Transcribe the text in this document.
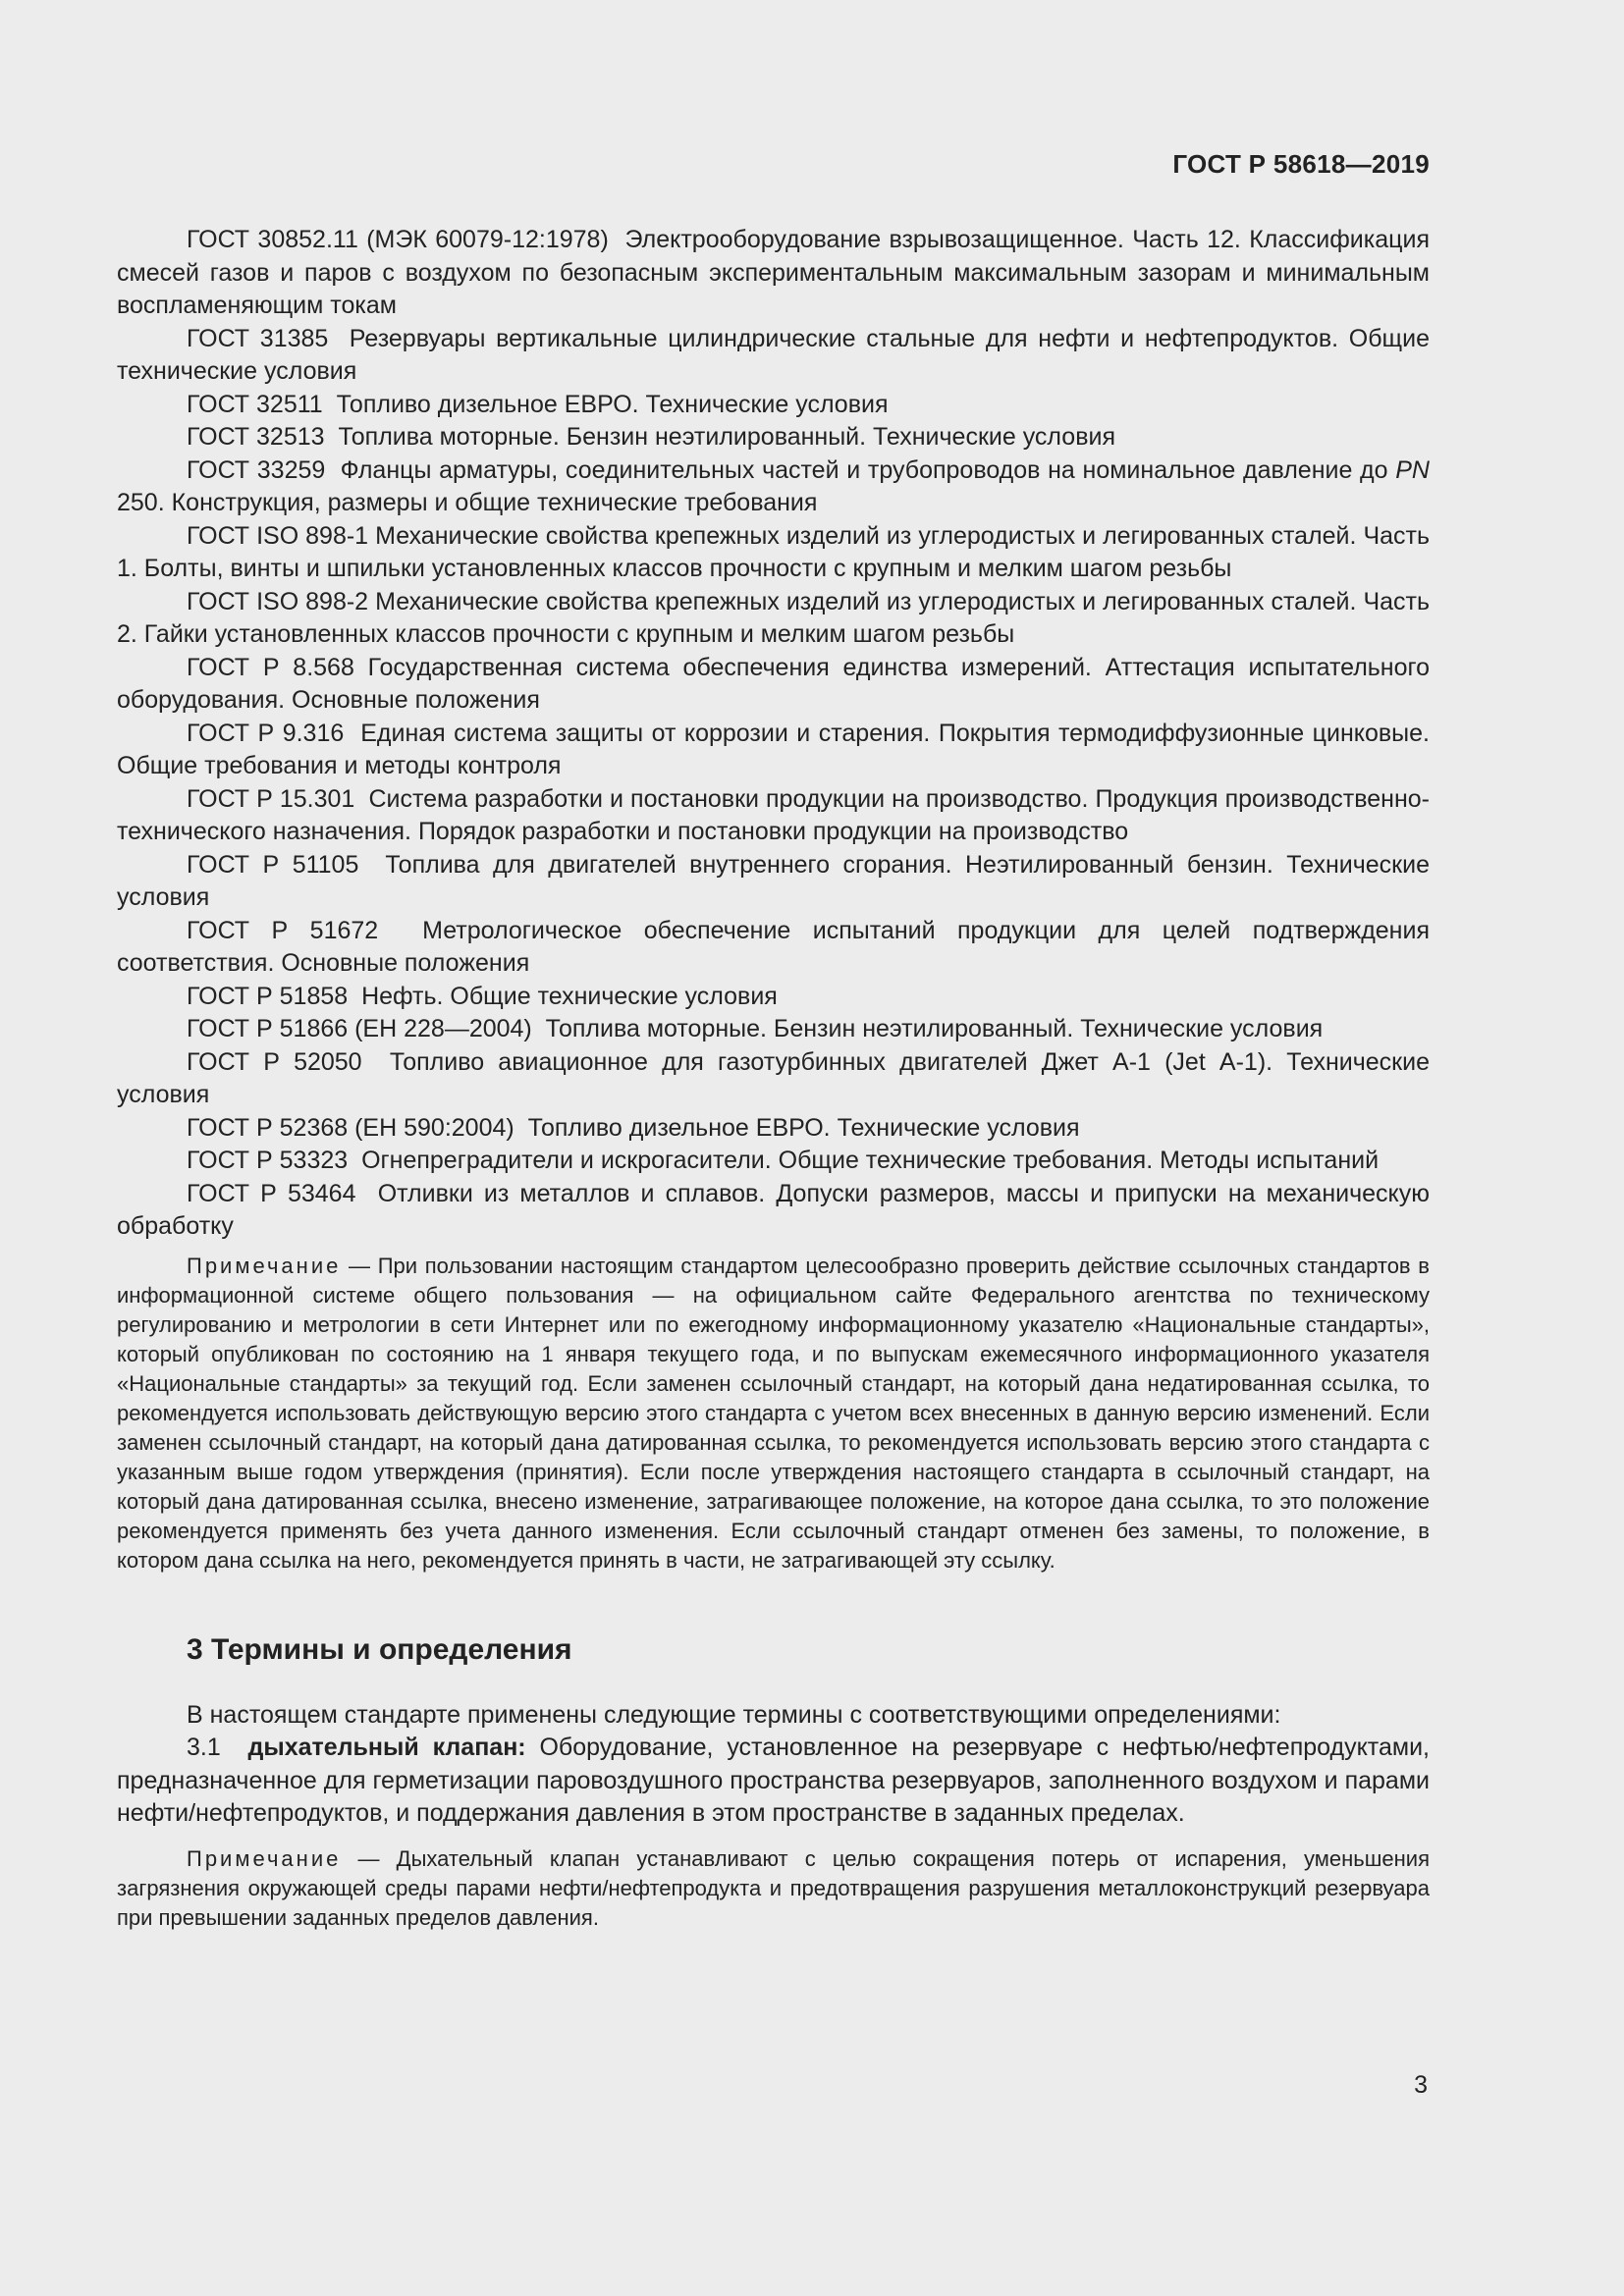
ГОСТ Р 58618—2019

ГОСТ 30852.11 (МЭК 60079-12:1978) Электрооборудование взрывозащищенное. Часть 12. Классификация смесей газов и паров с воздухом по безопасным экспериментальным максимальным зазорам и минимальным воспламеняющим токам

ГОСТ 31385 Резервуары вертикальные цилиндрические стальные для нефти и нефтепродуктов. Общие технические условия

ГОСТ 32511 Топливо дизельное ЕВРО. Технические условия

ГОСТ 32513 Топлива моторные. Бензин неэтилированный. Технические условия

ГОСТ 33259 Фланцы арматуры, соединительных частей и трубопроводов на номинальное давление до PN 250. Конструкция, размеры и общие технические требования

ГОСТ ISO 898-1 Механические свойства крепежных изделий из углеродистых и легированных сталей. Часть 1. Болты, винты и шпильки установленных классов прочности с крупным и мелким шагом резьбы

ГОСТ ISO 898-2 Механические свойства крепежных изделий из углеродистых и легированных сталей. Часть 2. Гайки установленных классов прочности с крупным и мелким шагом резьбы

ГОСТ Р 8.568 Государственная система обеспечения единства измерений. Аттестация испытательного оборудования. Основные положения

ГОСТ Р 9.316 Единая система защиты от коррозии и старения. Покрытия термодиффузионные цинковые. Общие требования и методы контроля

ГОСТ Р 15.301 Система разработки и постановки продукции на производство. Продукция производственно-технического назначения. Порядок разработки и постановки продукции на производство

ГОСТ Р 51105 Топлива для двигателей внутреннего сгорания. Неэтилированный бензин. Технические условия

ГОСТ Р 51672 Метрологическое обеспечение испытаний продукции для целей подтверждения соответствия. Основные положения

ГОСТ Р 51858 Нефть. Общие технические условия

ГОСТ Р 51866 (ЕН 228—2004) Топлива моторные. Бензин неэтилированный. Технические условия

ГОСТ Р 52050 Топливо авиационное для газотурбинных двигателей Джет А-1 (Jet А-1). Технические условия

ГОСТ Р 52368 (ЕН 590:2004) Топливо дизельное ЕВРО. Технические условия

ГОСТ Р 53323 Огнепреградители и искрогасители. Общие технические требования. Методы испытаний

ГОСТ Р 53464 Отливки из металлов и сплавов. Допуски размеров, массы и припуски на механическую обработку

Примечание — При пользовании настоящим стандартом целесообразно проверить действие ссылочных стандартов в информационной системе общего пользования — на официальном сайте Федерального агентства по техническому регулированию и метрологии в сети Интернет или по ежегодному информационному указателю «Национальные стандарты», который опубликован по состоянию на 1 января текущего года, и по выпускам ежемесячного информационного указателя «Национальные стандарты» за текущий год. Если заменен ссылочный стандарт, на который дана недатированная ссылка, то рекомендуется использовать действующую версию этого стандарта с учетом всех внесенных в данную версию изменений. Если заменен ссылочный стандарт, на который дана датированная ссылка, то рекомендуется использовать версию этого стандарта с указанным выше годом утверждения (принятия). Если после утверждения настоящего стандарта в ссылочный стандарт, на который дана датированная ссылка, внесено изменение, затрагивающее положение, на которое дана ссылка, то это положение рекомендуется применять без учета данного изменения. Если ссылочный стандарт отменен без замены, то положение, в котором дана ссылка на него, рекомендуется принять в части, не затрагивающей эту ссылку.

3 Термины и определения

В настоящем стандарте применены следующие термины с соответствующими определениями:

3.1 дыхательный клапан: Оборудование, установленное на резервуаре с нефтью/нефтепродуктами, предназначенное для герметизации паровоздушного пространства резервуаров, заполненного воздухом и парами нефти/нефтепродуктов, и поддержания давления в этом пространстве в заданных пределах.

Примечание — Дыхательный клапан устанавливают с целью сокращения потерь от испарения, уменьшения загрязнения окружающей среды парами нефти/нефтепродукта и предотвращения разрушения металлоконструкций резервуара при превышении заданных пределов давления.

3
